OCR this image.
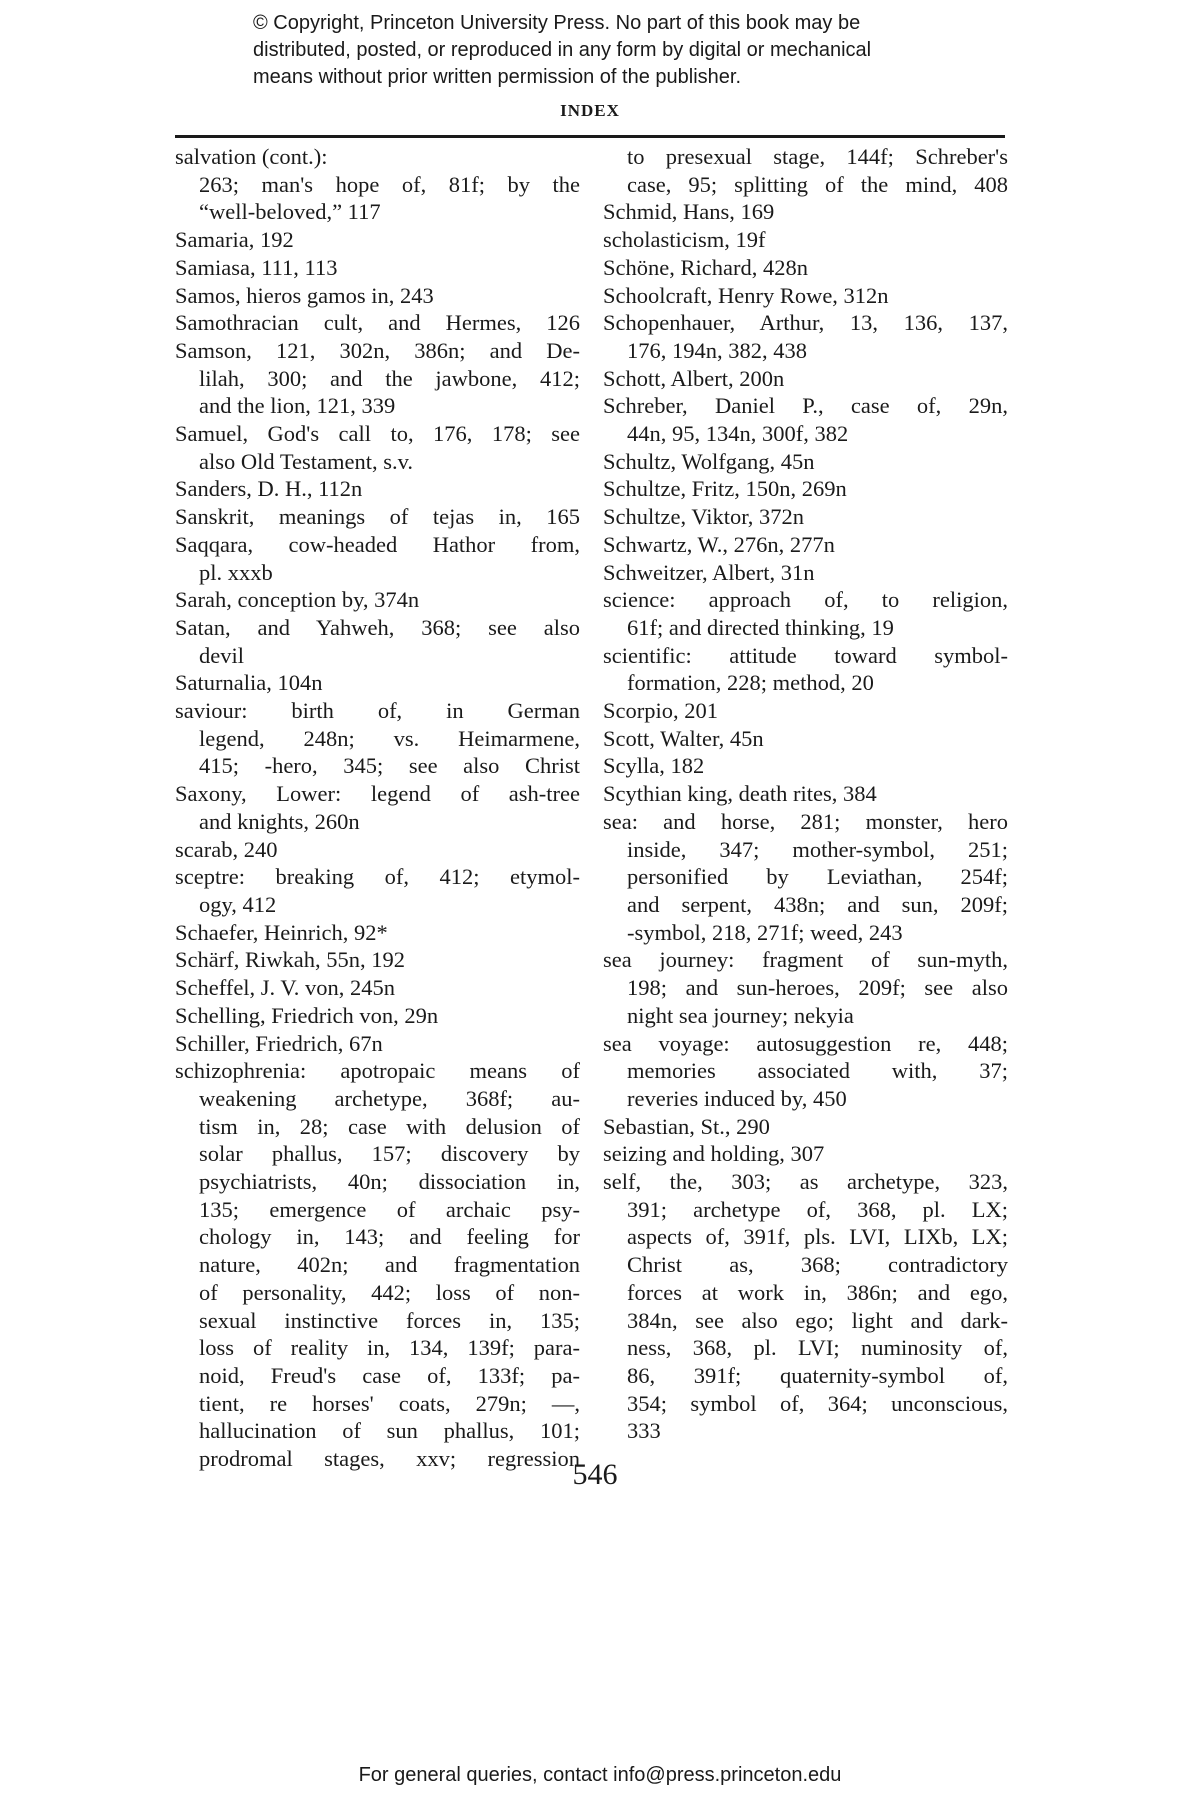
© Copyright, Princeton University Press. No part of this book may be
distributed, posted, or reproduced in any form by digital or mechanical
means without prior written permission of the publisher.
INDEX
salvation (cont.):
263; man's hope of, 81f; by the
“well-beloved,” 117
Samaria, 192
Samiasa, 111, 113
Samos, hieros gamos in, 243
Samothracian cult, and Hermes, 126
Samson, 121, 302n, 386n; and De-
lilah, 300; and the jawbone, 412;
and the lion, 121, 339
Samuel, God's call to, 176, 178; see
also Old Testament, s.v.
Sanders, D. H., 112n
Sanskrit, meanings of tejas in, 165
Saqqara, cow-headed Hathor from,
pl. xxxb
Sarah, conception by, 374n
Satan, and Yahweh, 368; see also
devil
Saturnalia, 104n
saviour: birth of, in German
legend, 248n; vs. Heimarmene,
415; -hero, 345; see also Christ
Saxony, Lower: legend of ash-tree
and knights, 260n
scarab, 240
sceptre: breaking of, 412; etymol-
ogy, 412
Schaefer, Heinrich, 92*
Schärf, Riwkah, 55n, 192
Scheffel, J. V. von, 245n
Schelling, Friedrich von, 29n
Schiller, Friedrich, 67n
schizophrenia: apotropaic means of
weakening archetype, 368f; au-
tism in, 28; case with delusion of
solar phallus, 157; discovery by
psychiatrists, 40n; dissociation in,
135; emergence of archaic psy-
chology in, 143; and feeling for
nature, 402n; and fragmentation
of personality, 442; loss of non-
sexual instinctive forces in, 135;
loss of reality in, 134, 139f; para-
noid, Freud's case of, 133f; pa-
tient, re horses' coats, 279n; —,
hallucination of sun phallus, 101;
prodromal stages, xxv; regression
to presexual stage, 144f; Schreber's
case, 95; splitting of the mind, 408
Schmid, Hans, 169
scholasticism, 19f
Schöne, Richard, 428n
Schoolcraft, Henry Rowe, 312n
Schopenhauer, Arthur, 13, 136, 137,
176, 194n, 382, 438
Schott, Albert, 200n
Schreber, Daniel P., case of, 29n,
44n, 95, 134n, 300f, 382
Schultz, Wolfgang, 45n
Schultze, Fritz, 150n, 269n
Schultze, Viktor, 372n
Schwartz, W., 276n, 277n
Schweitzer, Albert, 31n
science: approach of, to religion,
61f; and directed thinking, 19
scientific: attitude toward symbol-
formation, 228; method, 20
Scorpio, 201
Scott, Walter, 45n
Scylla, 182
Scythian king, death rites, 384
sea: and horse, 281; monster, hero
inside, 347; mother-symbol, 251;
personified by Leviathan, 254f;
and serpent, 438n; and sun, 209f;
-symbol, 218, 271f; weed, 243
sea journey: fragment of sun-myth,
198; and sun-heroes, 209f; see also
night sea journey; nekyia
sea voyage: autosuggestion re, 448;
memories associated with, 37;
reveries induced by, 450
Sebastian, St., 290
seizing and holding, 307
self, the, 303; as archetype, 323,
391; archetype of, 368, pl. LX;
aspects of, 391f, pls. LVI, LIXb, LX;
Christ as, 368; contradictory
forces at work in, 386n; and ego,
384n, see also ego; light and dark-
ness, 368, pl. LVI; numinosity of,
86, 391f; quaternity-symbol of,
354; symbol of, 364; unconscious,
333
546
For general queries, contact info@press.princeton.edu
